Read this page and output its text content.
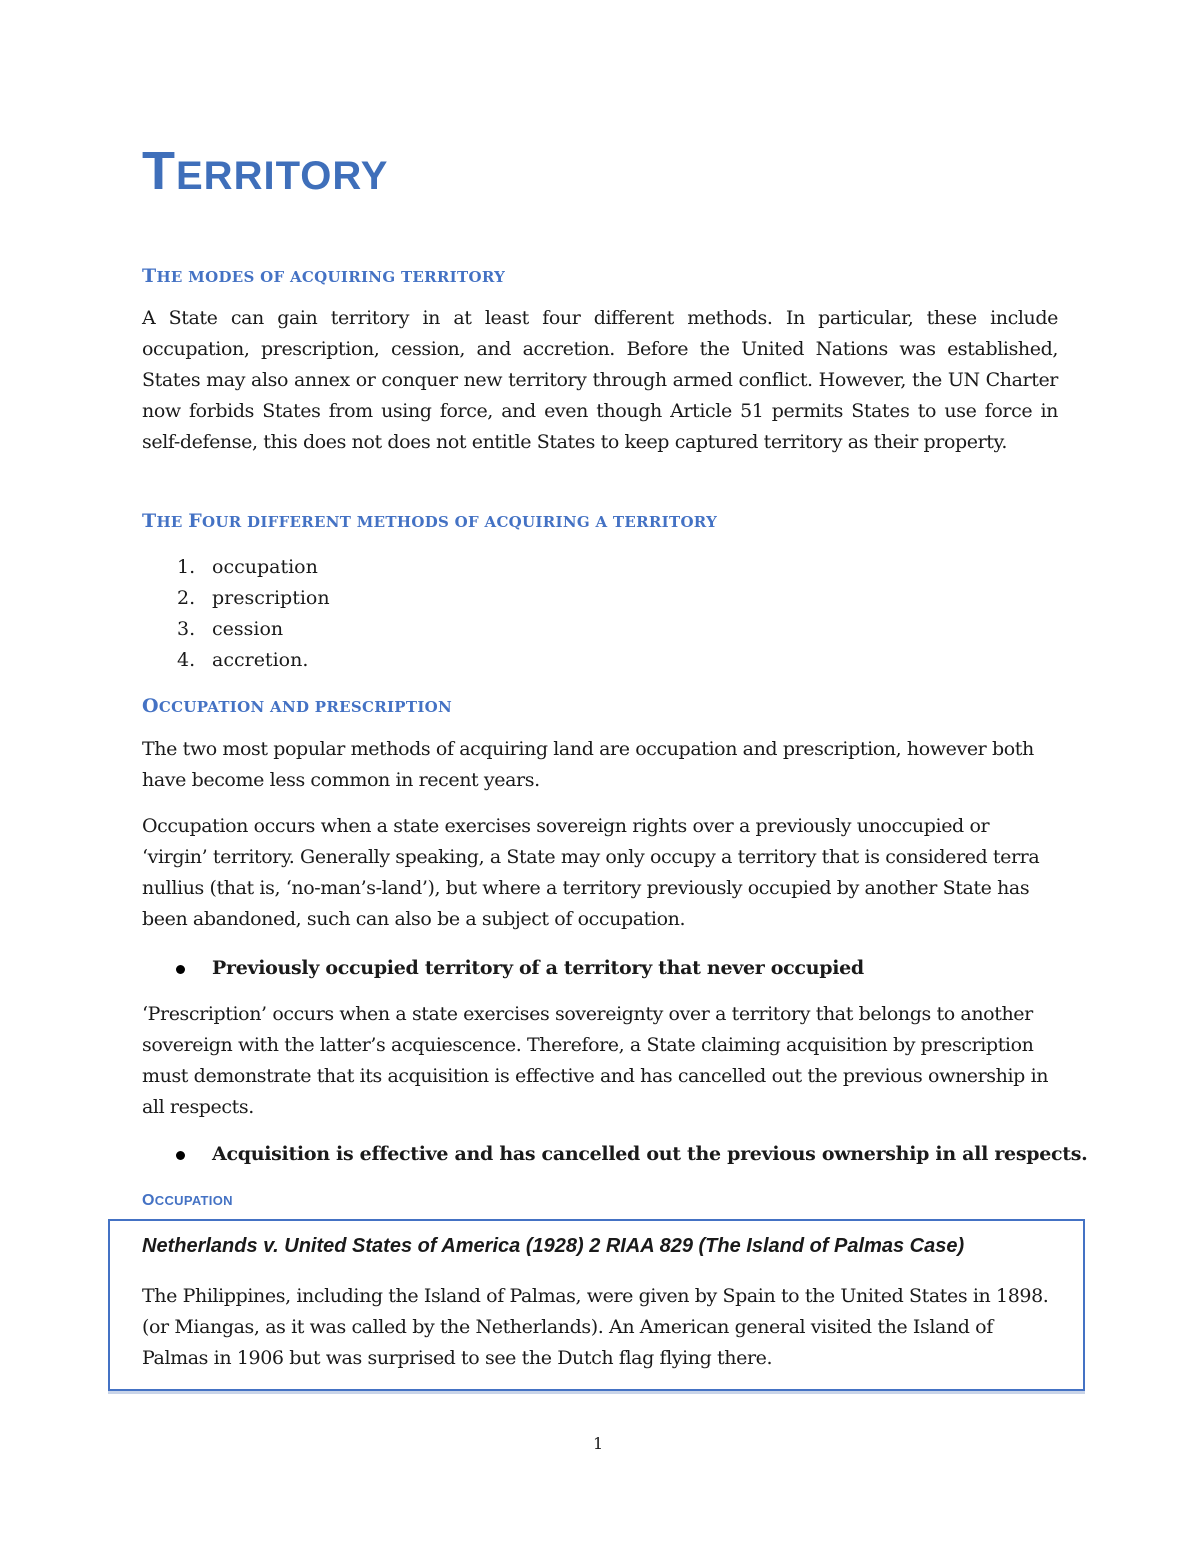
TERRITORY
THE MODES OF ACQUIRING TERRITORY

A State can gain territory in at least four different methods. In particular, these include occupation, prescription, cession, and accretion. Before the United Nations was established, States may also annex or conquer new territory through armed conflict. However, the UN Charter now forbids States from using force, and even though Article 51 permits States to use force in self-defense, this does not does not entitle States to keep captured territory as their property.

THE FOUR DIFFERENT METHODS OF ACQUIRING A TERRITORY
1. occupation
2. prescription
3. cession
4. accretion.
OCCUPATION AND PRESCRIPTION

The two most popular methods of acquiring land are occupation and prescription, however both have become less common in recent years.

Occupation occurs when a state exercises sovereign rights over a previously unoccupied or ‘virgin’ territory. Generally speaking, a State may only occupy a territory that is considered terra nullius (that is, ‘no-man’s-land’), but where a territory previously occupied by another State has been abandoned, such can also be a subject of occupation.

Previously occupied territory of a territory that never occupied

‘Prescription’ occurs when a state exercises sovereignty over a territory that belongs to another sovereign with the latter’s acquiescence. Therefore, a State claiming acquisition by prescription must demonstrate that its acquisition is effective and has cancelled out the previous ownership in all respects.

Acquisition is effective and has cancelled out the previous ownership in all respects.
OCCUPATION

Netherlands v. United States of America (1928) 2 RIAA 829 (The Island of Palmas Case)

The Philippines, including the Island of Palmas, were given by Spain to the United States in 1898. (or Miangas, as it was called by the Netherlands). An American general visited the Island of Palmas in 1906 but was surprised to see the Dutch flag flying there.

1
